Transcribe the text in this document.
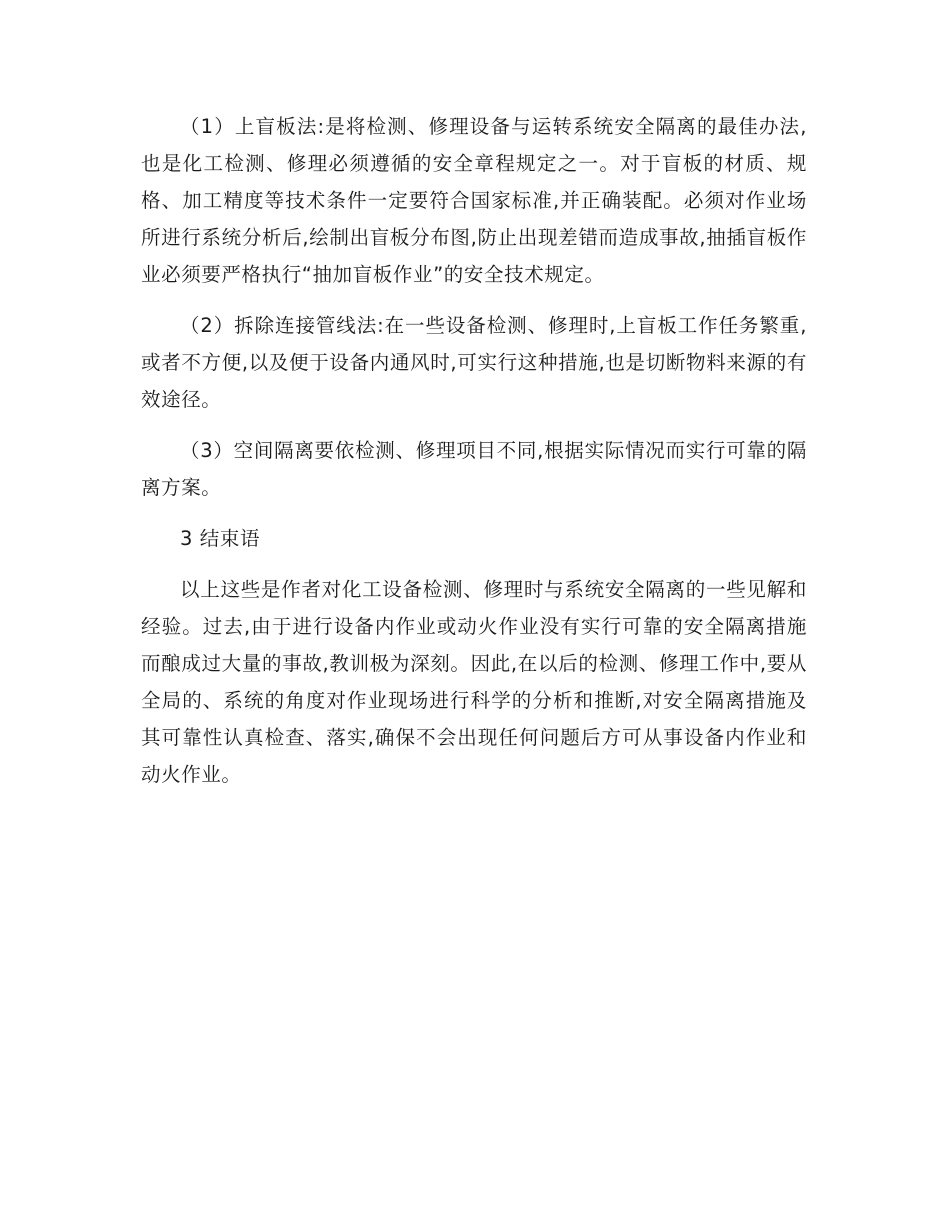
（1）上盲板法:是将检测、修理设备与运转系统安全隔离的最佳办法,也是化工检测、修理必须遵循的安全章程规定之一。对于盲板的材质、规格、加工精度等技术条件一定要符合国家标准,并正确装配。必须对作业场所进行系统分析后,绘制出盲板分布图,防止出现差错而造成事故,抽插盲板作业必须要严格执行“抽加盲板作业”的安全技术规定。

（2）拆除连接管线法:在一些设备检测、修理时,上盲板工作任务繁重,或者不方便,以及便于设备内通风时,可实行这种措施,也是切断物料来源的有效途径。

（3）空间隔离要依检测、修理项目不同,根据实际情况而实行可靠的隔离方案。

3 结束语

以上这些是作者对化工设备检测、修理时与系统安全隔离的一些见解和经验。过去,由于进行设备内作业或动火作业没有实行可靠的安全隔离措施而酿成过大量的事故,教训极为深刻。因此,在以后的检测、修理工作中,要从全局的、系统的角度对作业现场进行科学的分析和推断,对安全隔离措施及其可靠性认真检查、落实,确保不会出现任何问题后方可从事设备内作业和动火作业。
